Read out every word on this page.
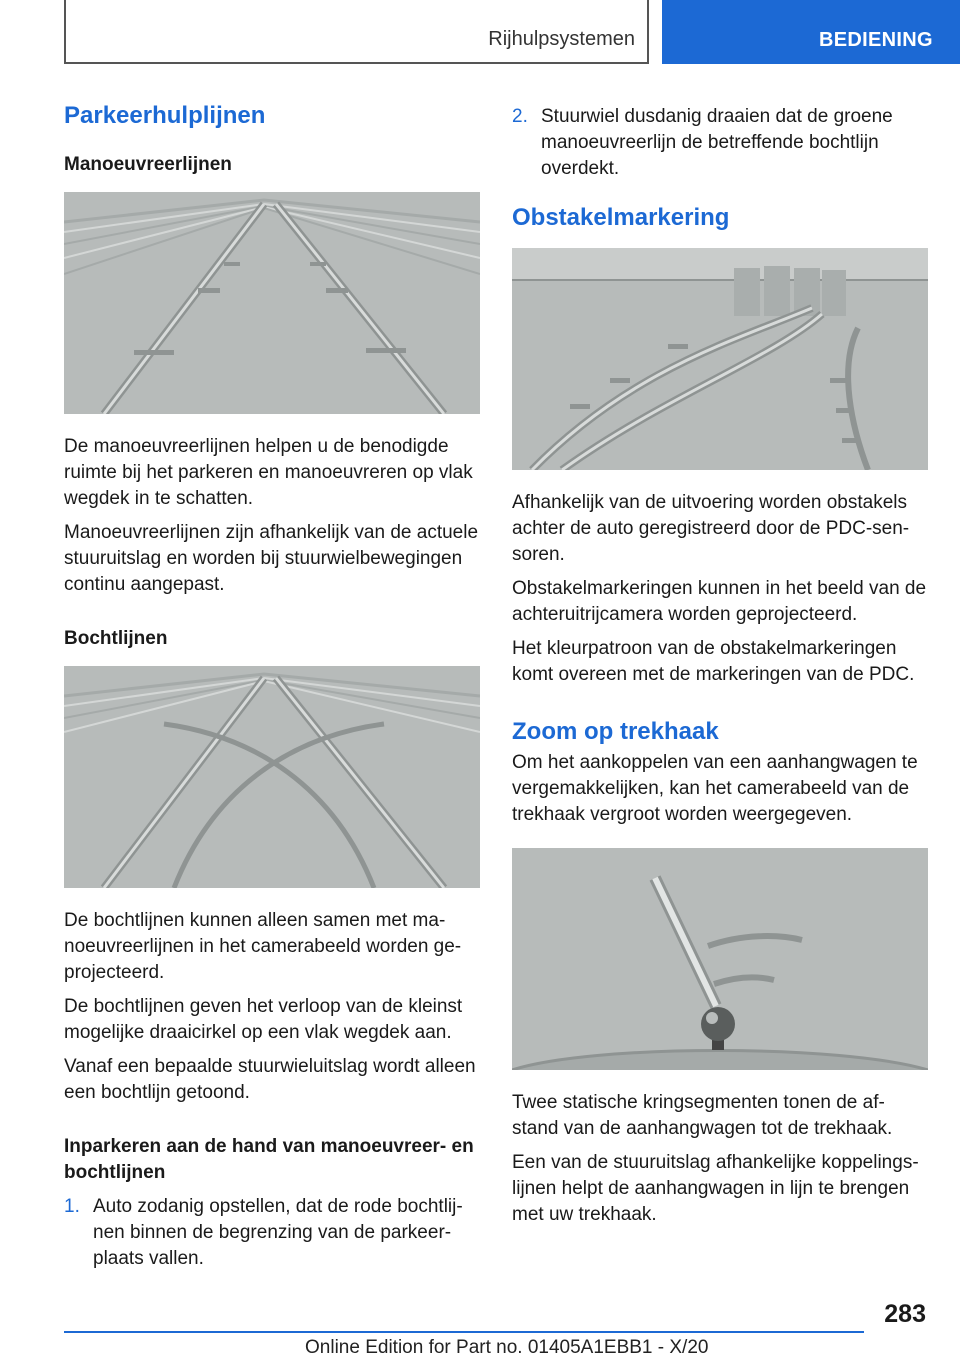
Rijhulpsystemen	BEDIENING
Parkeerhulplijnen
Manoeuvreerlijnen

De manoeuvreerlijnen helpen u de benodigde ruimte bij het parkeren en manoeuvreren op vlak wegdek in te schatten.

Manoeuvreerlijnen zijn afhankelijk van de actuele stuuruitslag en worden bij stuurwielbewegingen continu aangepast.

Bochtlijnen

De bochtlijnen kunnen alleen samen met ma‐ noeuvreerlijnen in het camerabeeld worden ge‐ projecteerd.

De bochtlijnen geven het verloop van de kleinst mogelijke draaicirkel op een vlak wegdek aan.

Vanaf een bepaalde stuurwieluitslag wordt alleen een bochtlijn getoond.

Inparkeren aan de hand van manoeuvreer‐ en bochtlijnen
1. Auto zodanig opstellen, dat de rode bochtlij‐ nen binnen de begrenzing van de parkeer‐ plaats vallen.
2. Stuurwiel dusdanig draaien dat de groene manoeuvreerlijn de betreffende bochtlijn overdekt.
Obstakelmarkering

Afhankelijk van de uitvoering worden obstakels achter de auto geregistreerd door de PDC-sen‐ soren.

Obstakelmarkeringen kunnen in het beeld van de achteruitrijcamera worden geprojecteerd.

Het kleurpatroon van de obstakelmarkeringen komt overeen met de markeringen van de PDC.

Zoom op trekhaak

Om het aankoppelen van een aanhangwagen te vergemakkelijken, kan het camerabeeld van de trekhaak vergroot worden weergegeven.

Twee statische kringsegmenten tonen de af‐ stand van de aanhangwagen tot de trekhaak.

Een van de stuuruitslag afhankelijke koppelings‐ lijnen helpt de aanhangwagen in lijn te brengen met uw trekhaak.

283
Online Edition for Part no. 01405A1EBB1 - X/20
